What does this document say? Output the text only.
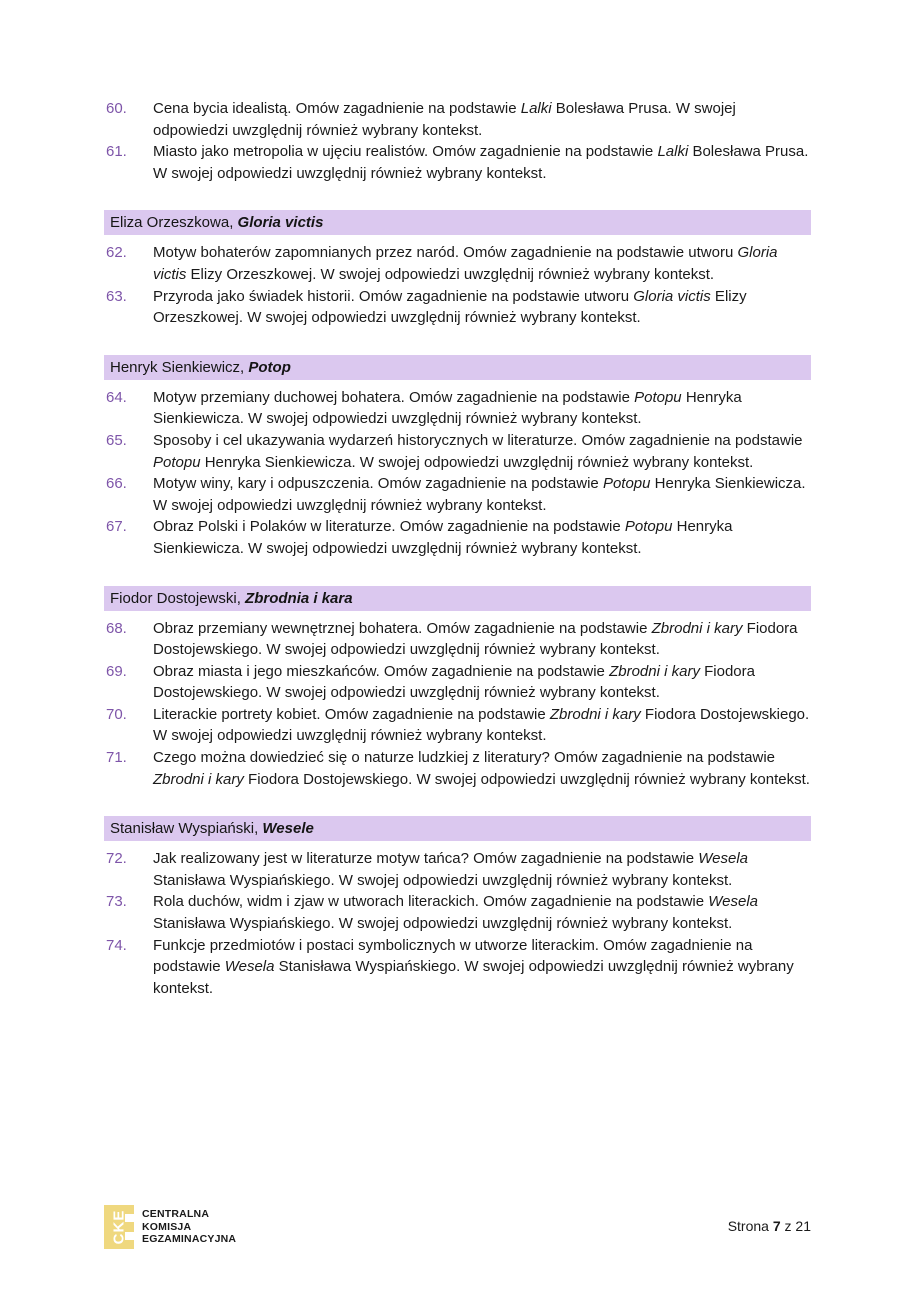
60.	Cena bycia idealistą. Omów zagadnienie na podstawie Lalki Bolesława Prusa. W swojej odpowiedzi uwzględnij również wybrany kontekst.
61.	Miasto jako metropolia w ujęciu realistów. Omów zagadnienie na podstawie Lalki Bolesława Prusa. W swojej odpowiedzi uwzględnij również wybrany kontekst.
Eliza Orzeszkowa, Gloria victis
62.	Motyw bohaterów zapomnianych przez naród. Omów zagadnienie na podstawie utworu Gloria victis Elizy Orzeszkowej. W swojej odpowiedzi uwzględnij również wybrany kontekst.
63.	Przyroda jako świadek historii. Omów zagadnienie na podstawie utworu Gloria victis Elizy Orzeszkowej. W swojej odpowiedzi uwzględnij również wybrany kontekst.
Henryk Sienkiewicz, Potop
64.	Motyw przemiany duchowej bohatera. Omów zagadnienie na podstawie Potopu Henryka Sienkiewicza. W swojej odpowiedzi uwzględnij również wybrany kontekst.
65.	Sposoby i cel ukazywania wydarzeń historycznych w literaturze. Omów zagadnienie na podstawie Potopu Henryka Sienkiewicza. W swojej odpowiedzi uwzględnij również wybrany kontekst.
66.	Motyw winy, kary i odpuszczenia. Omów zagadnienie na podstawie Potopu Henryka Sienkiewicza. W swojej odpowiedzi uwzględnij również wybrany kontekst.
67.	Obraz Polski i Polaków w literaturze. Omów zagadnienie na podstawie Potopu Henryka Sienkiewicza. W swojej odpowiedzi uwzględnij również wybrany kontekst.
Fiodor Dostojewski, Zbrodnia i kara
68.	Obraz przemiany wewnętrznej bohatera. Omów zagadnienie na podstawie Zbrodni i kary Fiodora Dostojewskiego. W swojej odpowiedzi uwzględnij również wybrany kontekst.
69.	Obraz miasta i jego mieszkańców. Omów zagadnienie na podstawie Zbrodni i kary Fiodora Dostojewskiego. W swojej odpowiedzi uwzględnij również wybrany kontekst.
70.	Literackie portrety kobiet. Omów zagadnienie na podstawie Zbrodni i kary Fiodora Dostojewskiego. W swojej odpowiedzi uwzględnij również wybrany kontekst.
71.	Czego można dowiedzieć się o naturze ludzkiej z literatury? Omów zagadnienie na podstawie Zbrodni i kary Fiodora Dostojewskiego. W swojej odpowiedzi uwzględnij również wybrany kontekst.
Stanisław Wyspiański, Wesele
72.	Jak realizowany jest w literaturze motyw tańca? Omów zagadnienie na podstawie Wesela Stanisława Wyspiańskiego. W swojej odpowiedzi uwzględnij również wybrany kontekst.
73.	Rola duchów, widm i zjaw w utworach literackich. Omów zagadnienie na podstawie Wesela Stanisława Wyspiańskiego. W swojej odpowiedzi uwzględnij również wybrany kontekst.
74.	Funkcje przedmiotów i postaci symbolicznych w utworze literackim. Omów zagadnienie na podstawie Wesela Stanisława Wyspiańskiego. W swojej odpowiedzi uwzględnij również wybrany kontekst.
CKE CENTRALNA
KOMISJA
EGZAMINACYJNA
Strona 7 z 21
